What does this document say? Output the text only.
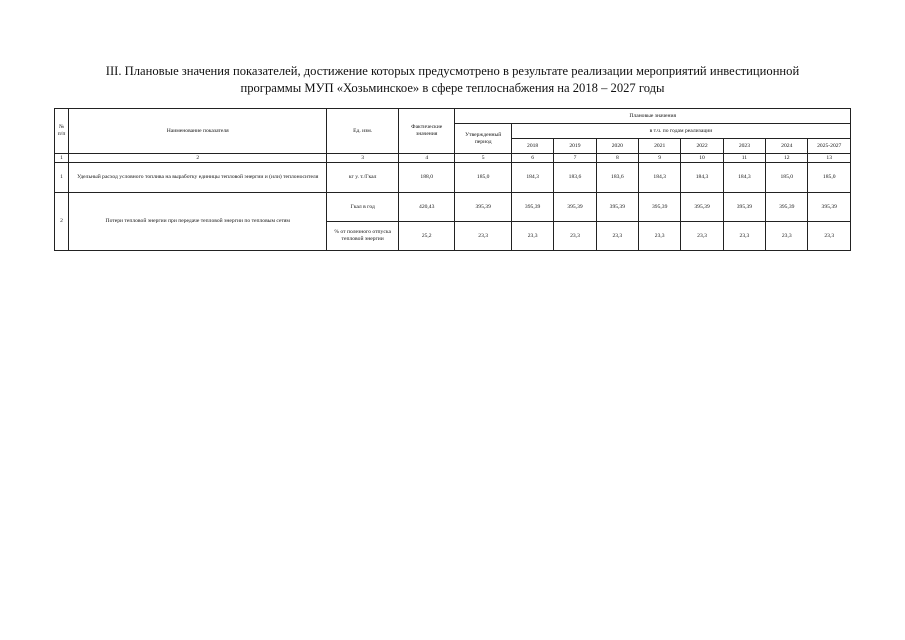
III. Плановые значения показателей, достижение которых предусмотрено в результате реализации мероприятий инвестиционной
программы МУП «Хозьминское» в сфере теплоснабжения на 2018 – 2027 годы
№ п/п	Наименование показателя	Ед. изм.	Фактические значения	Плановые значения								
				Утвержденный период	в т.ч. по годам реализации							
					2018	2019	2020	2021	2022	2023	2024	2025-2027
1	2	3	4	5	6	7	8	9	10	11	12	13
1	Удельный расход условного топлива на выработку единицы тепловой энергии и (или) теплоносителя	кг у. т./Гкал	188,0	185,0	184,3	183,6	183,6	184,3	184,3	184,3	185,0	185,0
2	Потери тепловой энергии при передаче тепловой энергии по тепловым сетям	Гкал в год	420,43	395,39	395,39	395,39	395,39	395,39	395,39	395,39	395,39	395,39
		% от полезного отпуска тепловой энергии	25,2	23,3	23,3	23,3	23,3	23,3	23,3	23,3	23,3	23,3
